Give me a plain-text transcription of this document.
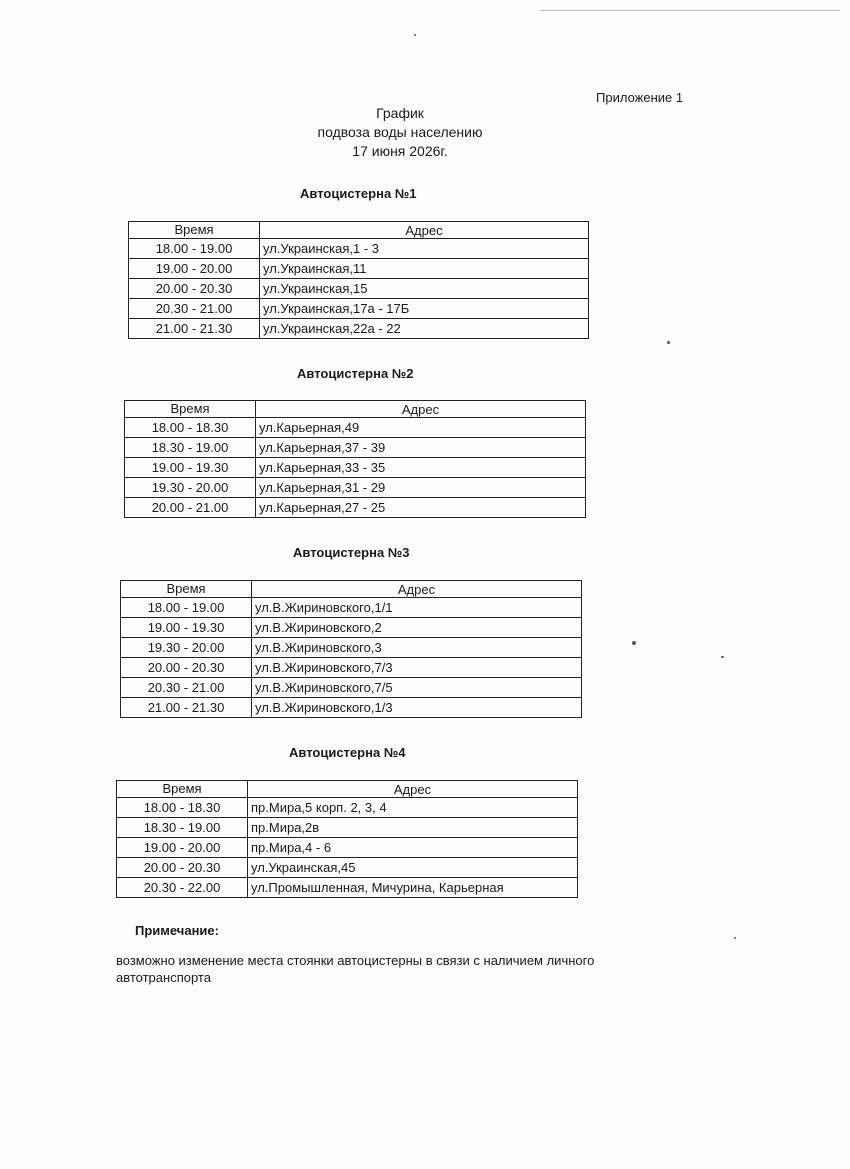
Приложение 1
График
подвоза воды населению
17 июня 2026г.
Автоцистерна №1
Время	Адрес
18.00 - 19.00	ул.Украинская,1 - 3
19.00 - 20.00	ул.Украинская,11
20.00 - 20.30	ул.Украинская,15
20.30 - 21.00	ул.Украинская,17а - 17Б
21.00 - 21.30	ул.Украинская,22а - 22
Автоцистерна №2
Время	Адрес
18.00 - 18.30	ул.Карьерная,49
18.30 - 19.00	ул.Карьерная,37 - 39
19.00 - 19.30	ул.Карьерная,33 - 35
19.30 - 20.00	ул.Карьерная,31 - 29
20.00 - 21.00	ул.Карьерная,27 - 25
Автоцистерна №3
Время	Адрес
18.00 - 19.00	ул.В.Жириновского,1/1
19.00 - 19.30	ул.В.Жириновского,2
19.30 - 20.00	ул.В.Жириновского,3
20.00 - 20.30	ул.В.Жириновского,7/3
20.30 - 21.00	ул.В.Жириновского,7/5
21.00 - 21.30	ул.В.Жириновского,1/3
Автоцистерна №4
Время	Адрес
18.00 - 18.30	пр.Мира,5 корп. 2, 3, 4
18.30 - 19.00	пр.Мира,2в
19.00 - 20.00	пр.Мира,4 - 6
20.00 - 20.30	ул.Украинская,45
20.30 - 22.00	ул.Промышленная, Мичурина, Карьерная
Примечание:
возможно изменение места стоянки автоцистерны в связи с наличием личного автотранспорта
